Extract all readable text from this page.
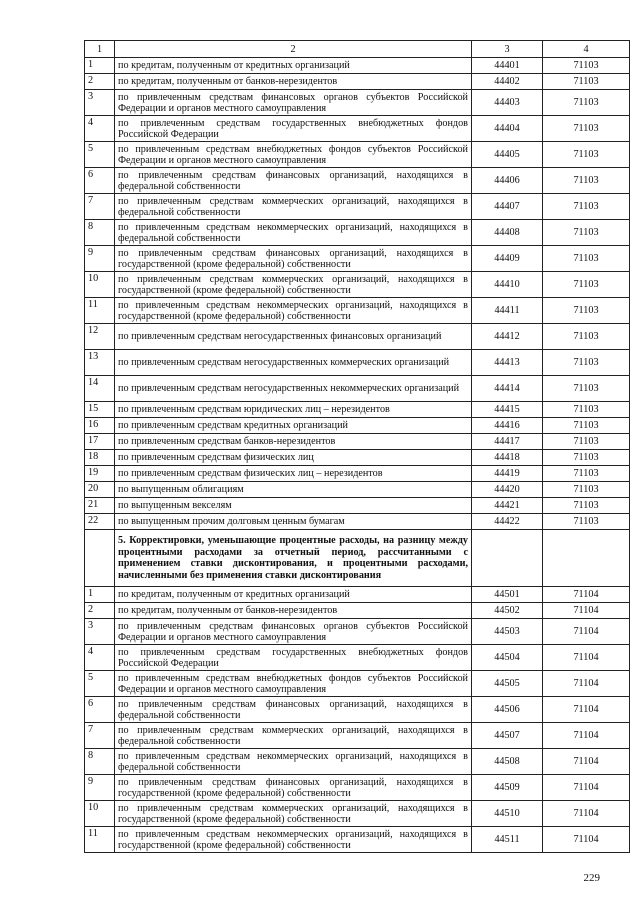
1	2	3	4
1	по кредитам, полученным от кредитных организаций	44401	71103
2	по кредитам, полученным от банков-нерезидентов	44402	71103
3	по привлеченным средствам финансовых органов субъектов Российской Федерации и органов местного самоуправления	44403	71103
4	по привлеченным средствам государственных внебюджетных фондов Российской Федерации	44404	71103
5	по привлеченным средствам внебюджетных фондов субъектов Российской Федерации и органов местного самоуправления	44405	71103
6	по привлеченным средствам финансовых организаций, находящихся в федеральной собственности	44406	71103
7	по привлеченным средствам коммерческих организаций, находящихся в федеральной собственности	44407	71103
8	по привлеченным средствам некоммерческих организаций, находящихся в федеральной собственности	44408	71103
9	по привлеченным средствам финансовых организаций, находящихся в государственной (кроме федеральной) собственности	44409	71103
10	по привлеченным средствам коммерческих организаций, находящихся в государственной (кроме федеральной) собственности	44410	71103
11	по привлеченным средствам некоммерческих организаций, находящихся в государственной (кроме федеральной) собственности	44411	71103
12	по привлеченным средствам негосударственных финансовых организаций	44412	71103
13	по привлеченным средствам негосударственных коммерческих организаций	44413	71103
14	по привлеченным средствам негосударственных некоммерческих организаций	44414	71103
15	по привлеченным средствам юридических лиц – нерезидентов	44415	71103
16	по привлеченным средствам кредитных организаций	44416	71103
17	по привлеченным средствам банков-нерезидентов	44417	71103
18	по привлеченным средствам физических лиц	44418	71103
19	по привлеченным средствам физических лиц – нерезидентов	44419	71103
20	по выпущенным облигациям	44420	71103
21	по выпущенным векселям	44421	71103
22	по выпущенным прочим долговым ценным бумагам	44422	71103
	5. Корректировки, уменьшающие процентные расходы, на разницу между процентными расходами за отчетный период, рассчитанными с применением ставки дисконтирования, и процентными расходами, начисленными без применения ставки дисконтирования		
1	по кредитам, полученным от кредитных организаций	44501	71104
2	по кредитам, полученным от банков-нерезидентов	44502	71104
3	по привлеченным средствам финансовых органов субъектов Российской Федерации и органов местного самоуправления	44503	71104
4	по привлеченным средствам государственных внебюджетных фондов Российской Федерации	44504	71104
5	по привлеченным средствам внебюджетных фондов субъектов Российской Федерации и органов местного самоуправления	44505	71104
6	по привлеченным средствам финансовых организаций, находящихся в федеральной собственности	44506	71104
7	по привлеченным средствам коммерческих организаций, находящихся в федеральной собственности	44507	71104
8	по привлеченным средствам некоммерческих организаций, находящихся в федеральной собственности	44508	71104
9	по привлеченным средствам финансовых организаций, находящихся в государственной (кроме федеральной) собственности	44509	71104
10	по привлеченным средствам коммерческих организаций, находящихся в государственной (кроме федеральной) собственности	44510	71104
11	по привлеченным средствам некоммерческих организаций, находящихся в государственной (кроме федеральной) собственности	44511	71104
229
